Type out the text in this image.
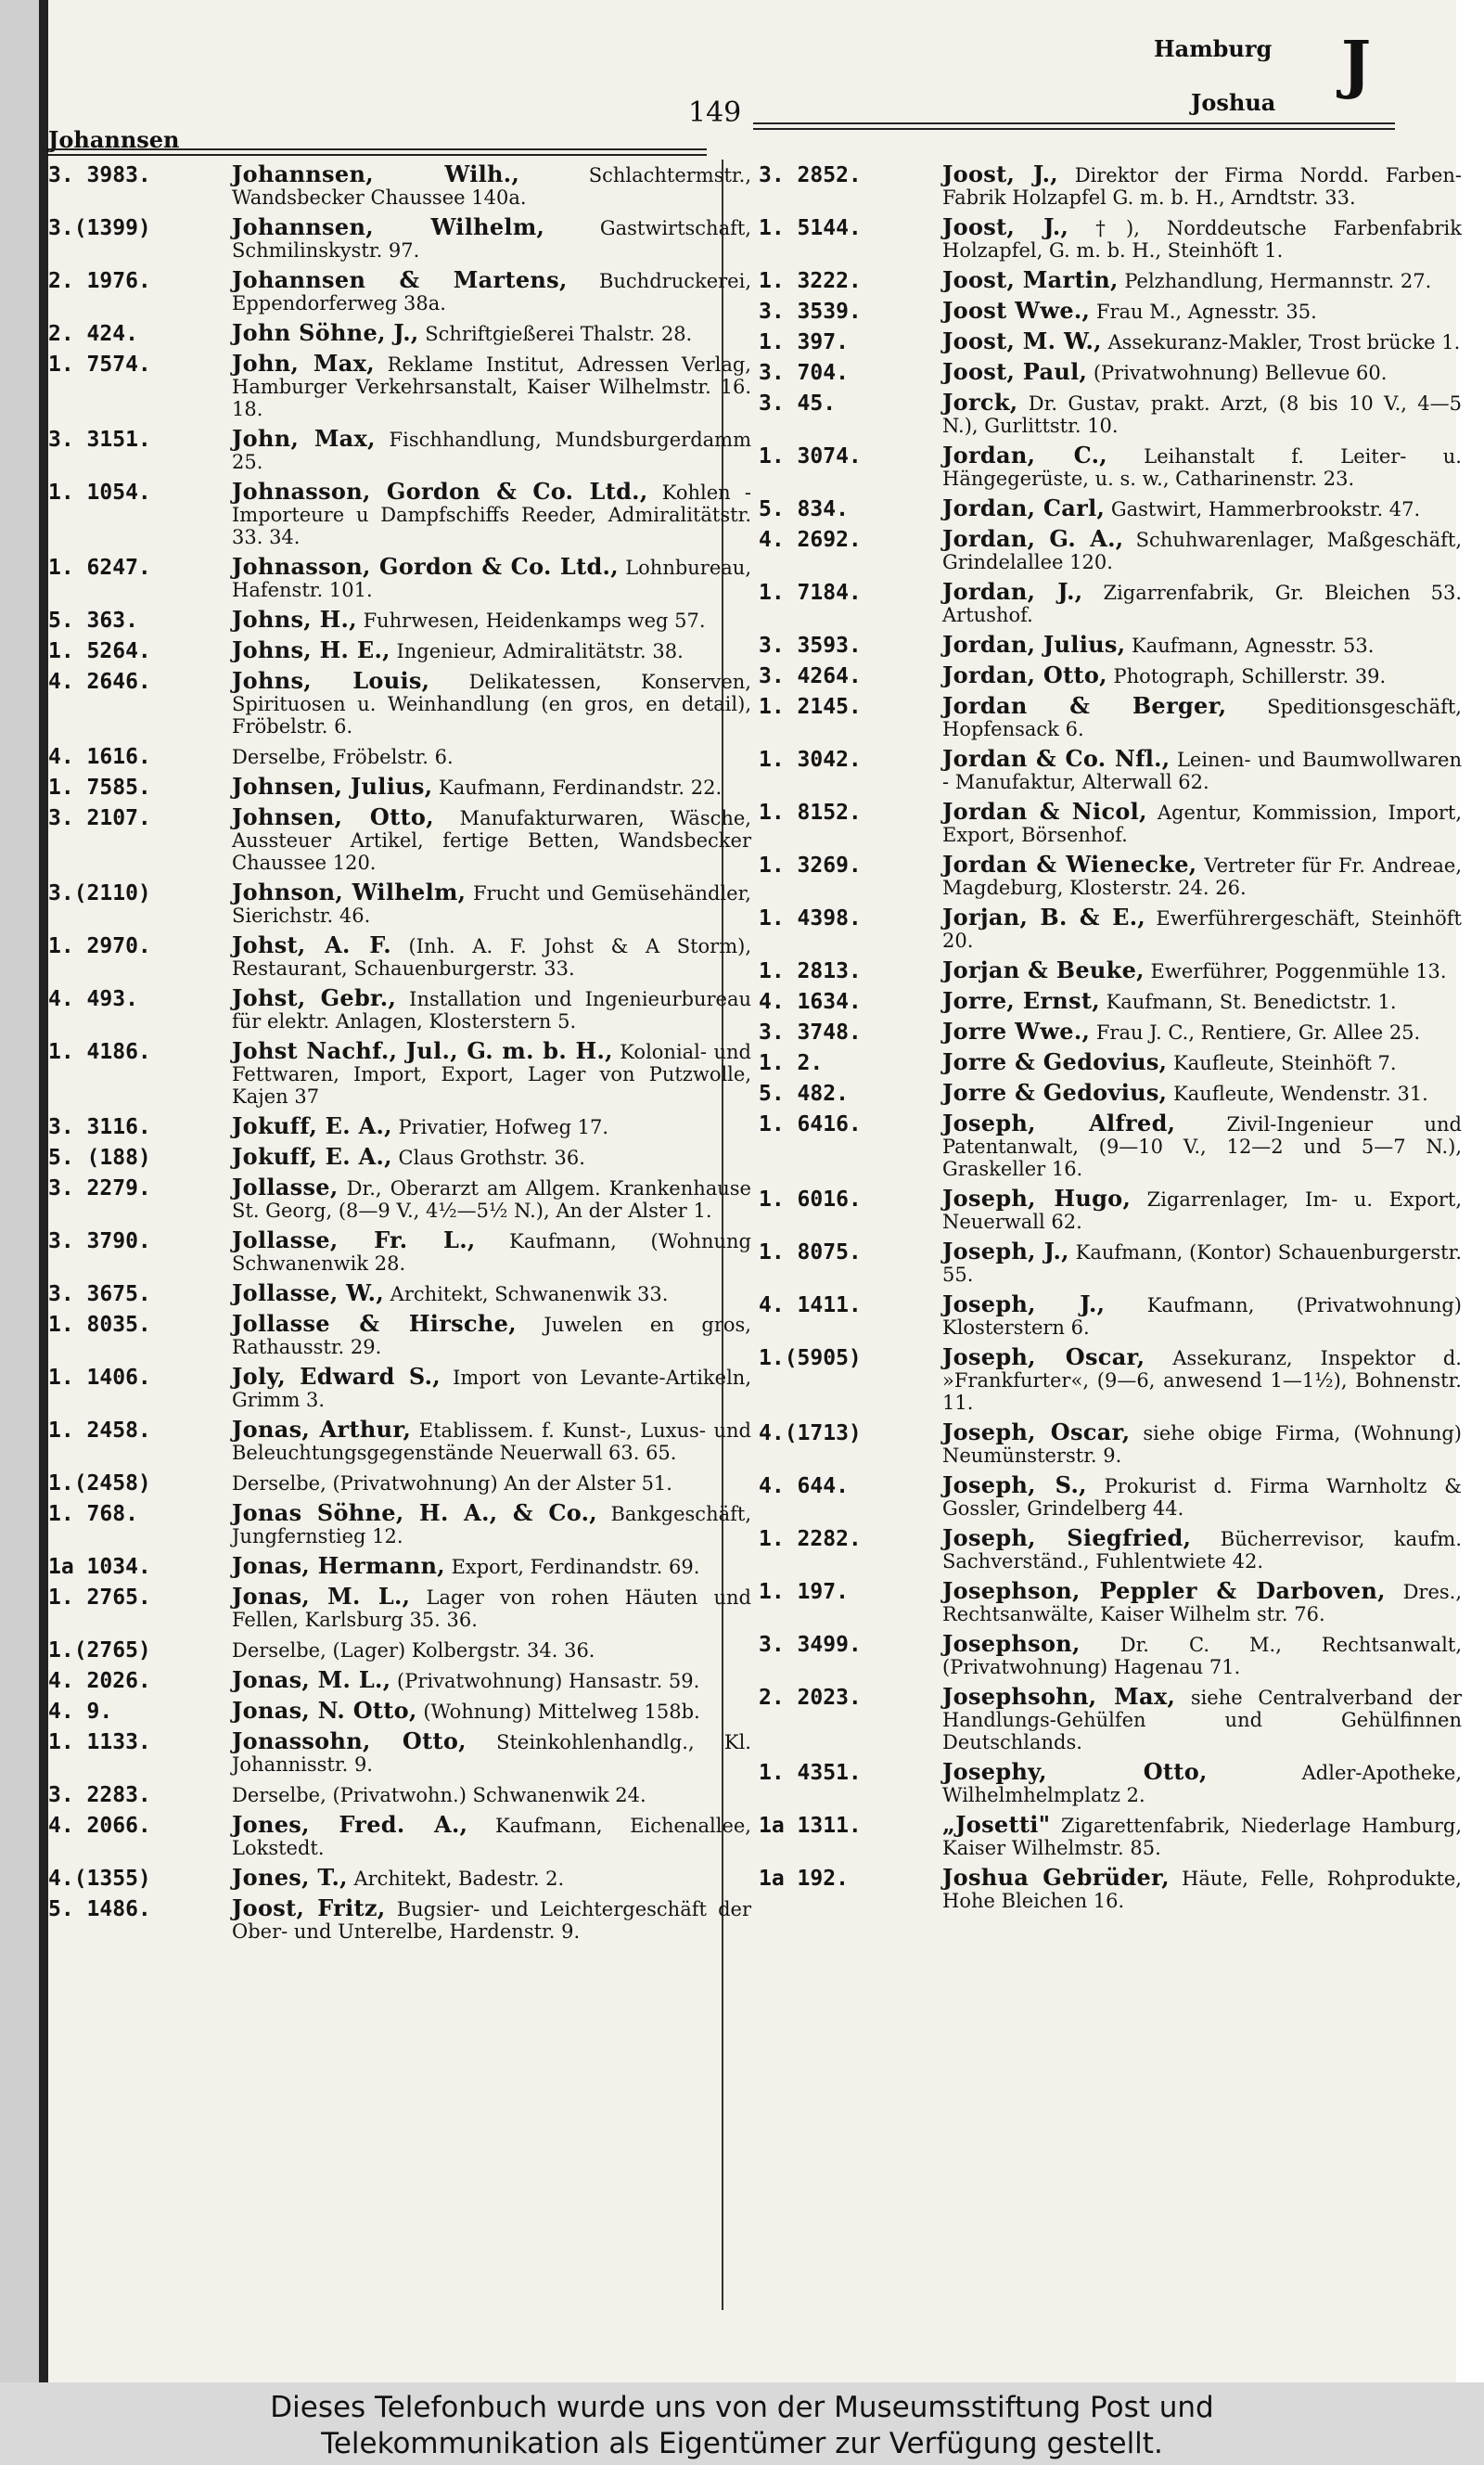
Johannsen
149
Hamburg
Joshua
J
3. 3983.	Johannsen, Wilh.,	Schlachtermstr., Wandsbecker Chaussee 140a.
3.(1399)	Johannsen, Wilhelm,	Gastwirtschaft, Schmilinskystr. 97.
2. 1976.	Johannsen & Martens, Buchdruckerei, Eppendorferweg 38a.
2. 424.	John Söhne, J., Schriftgießerei Thalstr. 28.
1. 7574.	John, Max, Reklame Institut, Adressen Verlag, Hamburger Verkehrsanstalt, Kaiser Wilhelmstr. 16. 18.
3. 3151.	John, Max, Fischhandlung, Mundsburgerdamm 25.
1. 1054.	Johnasson, Gordon & Co. Ltd., Kohlen - Importeure u Dampfschiffs Reeder, Admiralitätstr. 33. 34.
1. 6247.	Johnasson, Gordon & Co. Ltd., Lohnbureau, Hafenstr. 101.
5. 363.	Johns, H., Fuhrwesen, Heidenkamps weg 57.
1. 5264.	Johns, H. E., Ingenieur, Admiralitätstr. 38.
4. 2646.	Johns, Louis, Delikatessen, Konserven, Spirituosen u. Weinhandlung (en gros, en detail), Fröbelstr. 6.
4. 1616.	Derselbe, Fröbelstr. 6.
1. 7585.	Johnsen, Julius, Kaufmann, Ferdinandstr. 22.
3. 2107.	Johnsen, Otto, Manufakturwaren, Wäsche, Aussteuer Artikel, fertige Betten, Wandsbecker Chaussee 120.
3.(2110)	Johnson, Wilhelm, Frucht und Gemüsehändler, Sierichstr. 46.
1. 2970.	Johst, A. F. (Inh. A. F. Johst & A Storm), Restaurant, Schauenburgerstr. 33.
4. 493.	Johst, Gebr., Installation und Ingenieurbureau für elektr. Anlagen, Klosterstern 5.
1. 4186.	Johst Nachf., Jul., G. m. b. H., Kolonial- und Fettwaren, Import, Export, Lager von Putzwolle, Kajen 37
3. 3116.	Jokuff, E. A., Privatier, Hofweg 17.
5. (188)	Jokuff, E. A., Claus Grothstr. 36.
3. 2279.	Jollasse, Dr., Oberarzt am Allgem. Krankenhause St. Georg, (8—9 V., 4½—5½ N.), An der Alster 1.
3. 3790.	Jollasse, Fr. L., Kaufmann, (Wohnung Schwanenwik 28.
3. 3675.	Jollasse, W., Architekt, Schwanenwik 33.
1. 8035.	Jollasse & Hirsche, Juwelen en gros, Rathausstr. 29.
1. 1406.	Joly, Edward S., Import von Levante-Artikeln, Grimm 3.
1. 2458.	Jonas, Arthur, Etablissem. f. Kunst-, Luxus- und Beleuchtungsgegenstände Neuerwall 63. 65.
1.(2458)	Derselbe, (Privatwohnung) An der Alster 51.
1. 768.	Jonas Söhne, H. A., & Co., Bankgeschäft, Jungfernstieg 12.
1a 1034.	Jonas, Hermann, Export, Ferdinandstr. 69.
1. 2765.	Jonas, M. L., Lager von rohen Häuten und Fellen, Karlsburg 35. 36.
1.(2765)	Derselbe, (Lager) Kolbergstr. 34. 36.
4. 2026.	Jonas, M. L., (Privatwohnung) Hansastr. 59.
4. 9.	Jonas, N. Otto, (Wohnung) Mittelweg 158b.
1. 1133.	Jonassohn, Otto, Steinkohlenhandlg., Kl. Johannisstr. 9.
3. 2283.	Derselbe, (Privatwohn.) Schwanenwik 24.
4. 2066.	Jones, Fred. A., Kaufmann, Eichenallee, Lokstedt.
4.(1355)	Jones, T., Architekt, Badestr. 2.
5. 1486.	Joost, Fritz, Bugsier- und Leichtergeschäft der Ober- und Unterelbe, Hardenstr. 9.
3. 2852.	Joost, J., Direktor der Firma Nordd. Farben-Fabrik Holzapfel G. m. b. H., Arndtstr. 33.
1. 5144.	Joost, J., †), Norddeutsche Farbenfabrik Holzapfel, G. m. b. H., Steinhöft 1.
1. 3222.	Joost, Martin, Pelzhandlung, Hermannstr. 27.
3. 3539.	Joost Wwe., Frau M., Agnesstr. 35.
1. 397.	Joost, M. W., Assekuranz-Makler, Trost brücke 1.
3. 704.	Joost, Paul, (Privatwohnung) Bellevue 60.
3. 45.	Jorck, Dr. Gustav, prakt. Arzt, (8 bis 10 V., 4—5 N.), Gurlittstr. 10.
1. 3074.	Jordan, C., Leihanstalt f. Leiter- u. Hängegerüste, u. s. w., Catharinenstr. 23.
5. 834.	Jordan, Carl, Gastwirt, Hammerbrookstr. 47.
4. 2692.	Jordan, G. A., Schuhwarenlager, Maßgeschäft, Grindelallee 120.
1. 7184.	Jordan, J., Zigarrenfabrik, Gr. Bleichen 53. Artushof.
3. 3593.	Jordan, Julius, Kaufmann, Agnesstr. 53.
3. 4264.	Jordan, Otto, Photograph, Schillerstr. 39.
1. 2145.	Jordan & Berger, Speditionsgeschäft, Hopfensack 6.
1. 3042.	Jordan & Co. Nfl., Leinen- und Baumwollwaren - Manufaktur, Alterwall 62.
1. 8152.	Jordan & Nicol, Agentur, Kommission, Import, Export, Börsenhof.
1. 3269.	Jordan & Wienecke, Vertreter für Fr. Andreae, Magdeburg, Klosterstr. 24. 26.
1. 4398.	Jorjan, B. & E., Ewerführergeschäft, Steinhöft 20.
1. 2813.	Jorjan & Beuke, Ewerführer, Poggenmühle 13.
4. 1634.	Jorre, Ernst, Kaufmann, St. Benedictstr. 1.
3. 3748.	Jorre Wwe., Frau J. C., Rentiere, Gr. Allee 25.
1. 2.	Jorre & Gedovius, Kaufleute, Steinhöft 7.
5. 482.	Jorre & Gedovius, Kaufleute, Wendenstr. 31.
1. 6416.	Joseph, Alfred,	Zivil-Ingenieur und Patentanwalt, (9—10 V., 12—2 und 5—7 N.), Graskeller 16.
1. 6016.	Joseph, Hugo, Zigarrenlager, Im- u. Export, Neuerwall 62.
1. 8075.	Joseph, J., Kaufmann, (Kontor) Schauenburgerstr. 55.
4. 1411.	Joseph, J., Kaufmann, (Privatwohnung) Klosterstern 6.
1.(5905)	Joseph, Oscar, Assekuranz, Inspektor d. »Frankfurter«, (9—6, anwesend 1—1½), Bohnenstr. 11.
4.(1713)	Joseph, Oscar, siehe obige Firma, (Wohnung) Neumünsterstr. 9.
4. 644.	Joseph, S., Prokurist d. Firma Warnholtz & Gossler, Grindelberg 44.
1. 2282.	Joseph, Siegfried, Bücherrevisor, kaufm. Sachverständ., Fuhlentwiete 42.
1. 197.	Josephson, Peppler & Darboven, Dres., Rechtsanwälte, Kaiser Wilhelm str. 76.
3. 3499.	Josephson, Dr. C. M., Rechtsanwalt, (Privatwohnung) Hagenau 71.
2. 2023.	Josephsohn, Max, siehe Centralverband der Handlungs-Gehülfen und Gehülfinnen Deutschlands.
1. 4351.	Josephy, Otto,	Adler-Apotheke, Wilhelmhelmplatz 2.
1a 1311.	„Josetti" Zigarettenfabrik, Niederlage Hamburg, Kaiser Wilhelmstr. 85.
1a 192.	Joshua Gebrüder, Häute, Felle, Rohprodukte, Hohe Bleichen 16.
Dieses Telefonbuch wurde uns von der Museumsstiftung Post und
Telekommunikation als Eigentümer zur Verfügung gestellt.
